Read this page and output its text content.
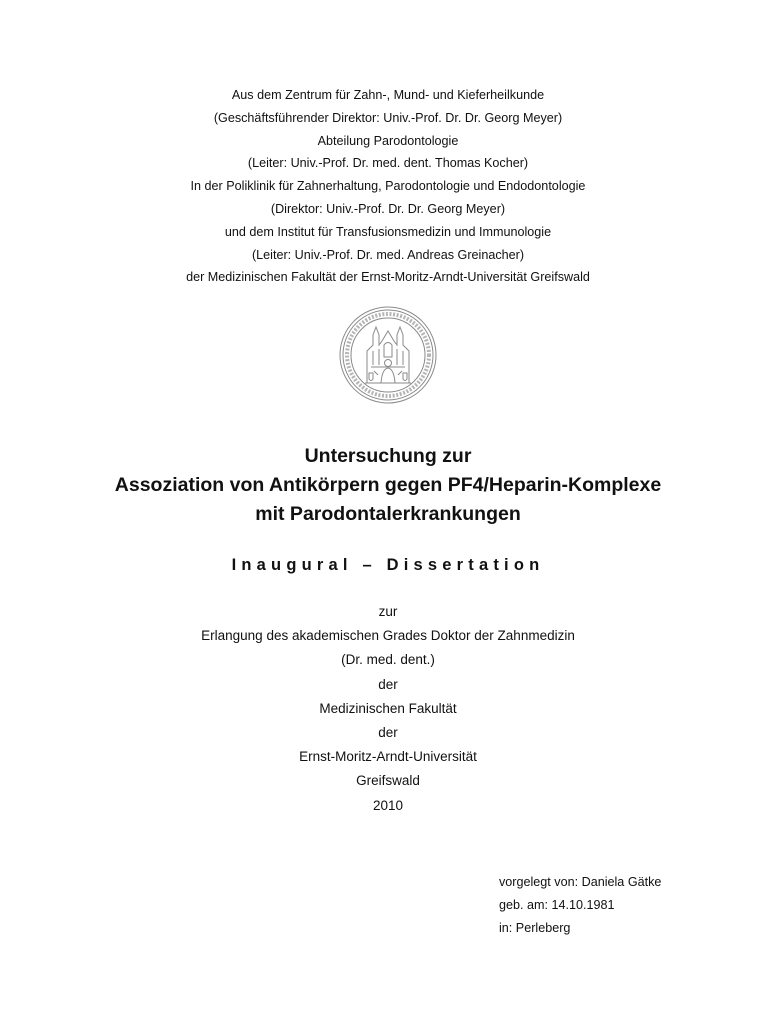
Aus dem Zentrum für Zahn-, Mund- und Kieferheilkunde
(Geschäftsführender Direktor: Univ.-Prof. Dr. Dr. Georg Meyer)
Abteilung Parodontologie
(Leiter: Univ.-Prof. Dr. med. dent. Thomas Kocher)
In der Poliklinik für Zahnerhaltung, Parodontologie und Endodontologie
(Direktor: Univ.-Prof. Dr. Dr. Georg Meyer)
und dem Institut für Transfusionsmedizin und Immunologie
(Leiter: Univ.-Prof. Dr. med. Andreas Greinacher)
der Medizinischen Fakultät der Ernst-Moritz-Arndt-Universität Greifswald
Untersuchung zur
Assoziation von Antikörpern gegen PF4/Heparin-Komplexe
mit Parodontalerkrankungen
Inaugural – Dissertation
zur
Erlangung des akademischen Grades Doktor der Zahnmedizin
(Dr. med. dent.)
der
Medizinischen Fakultät
der
Ernst-Moritz-Arndt-Universität
Greifswald
2010
vorgelegt von: Daniela Gätke
geb. am: 14.10.1981
in: Perleberg
